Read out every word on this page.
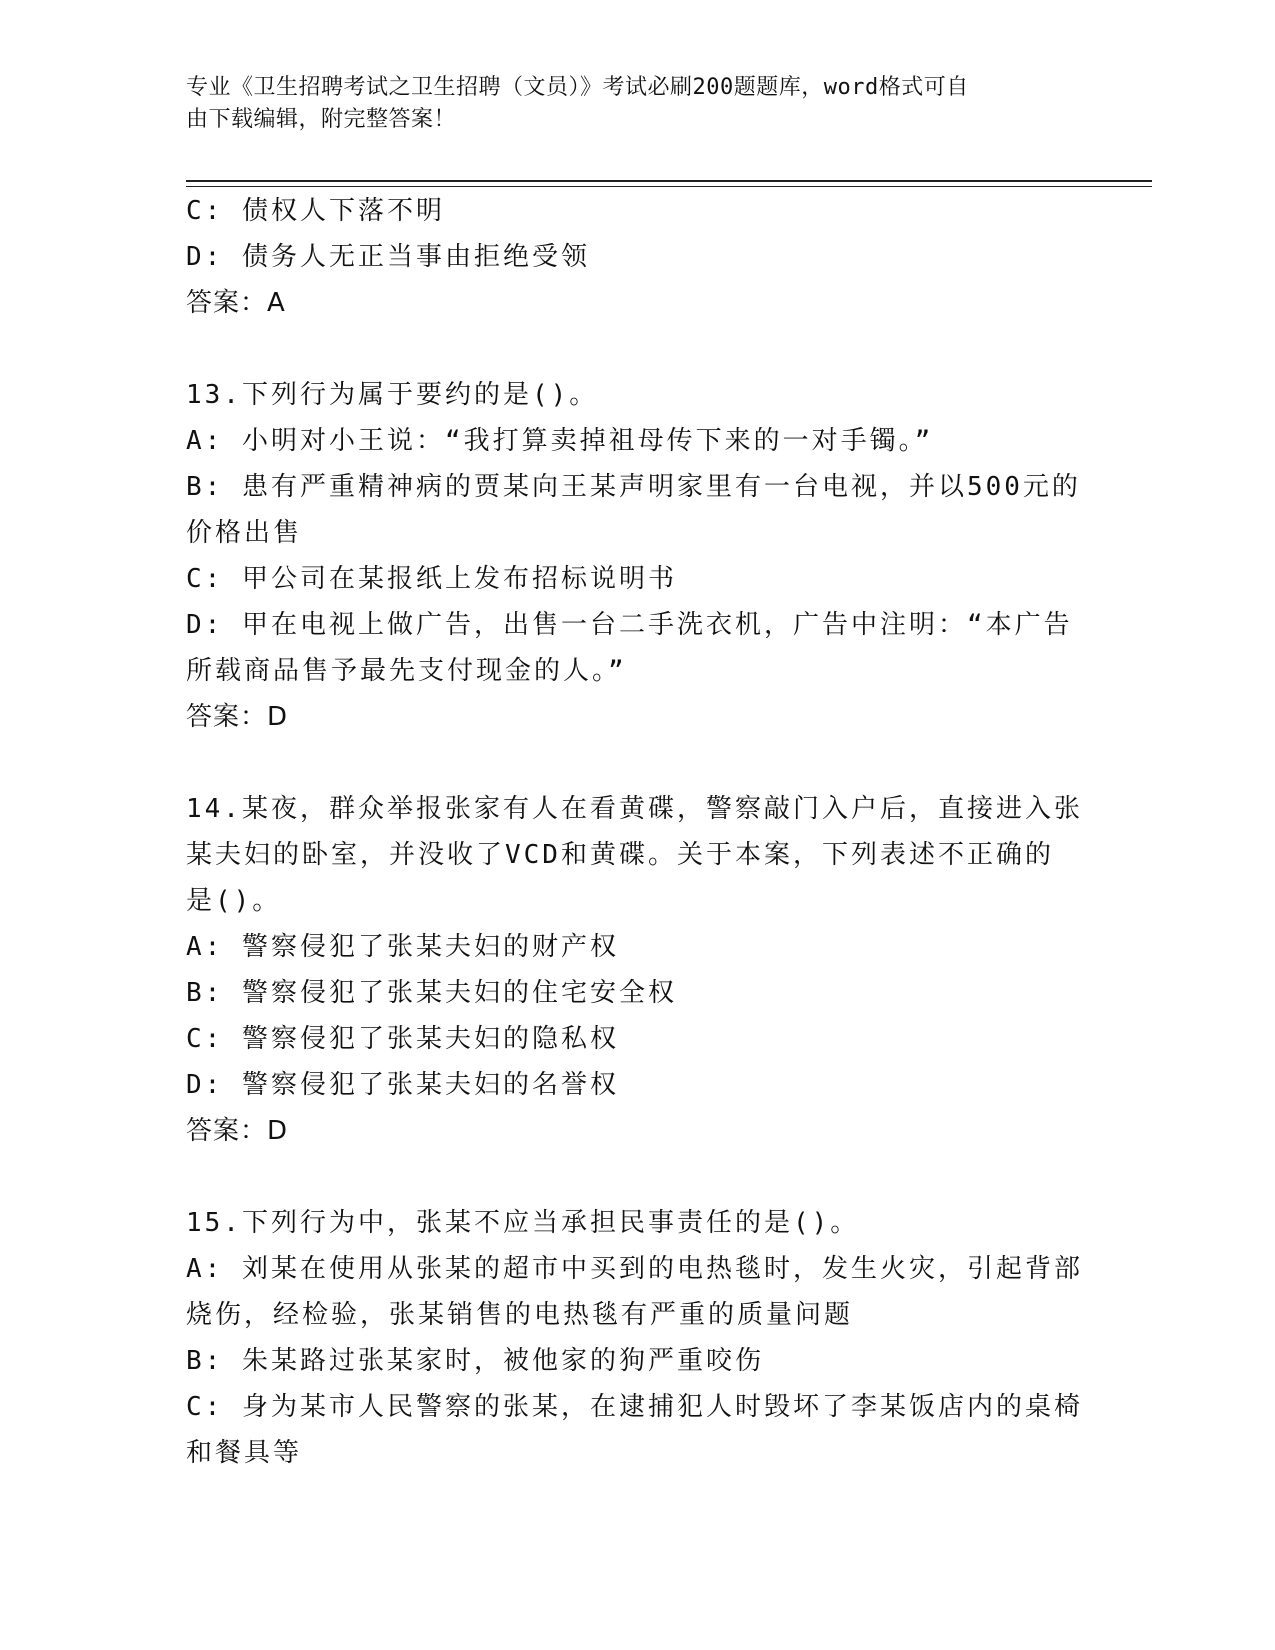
专业《卫生招聘考试之卫生招聘（文员）》考试必刷200题题库，word格式可自
由下载编辑，附完整答案！
C: 债权人下落不明
D: 债务人无正当事由拒绝受领
答案：A
13.下列行为属于要约的是()。
A: 小明对小王说：“我打算卖掉祖母传下来的一对手镯。”
B: 患有严重精神病的贾某向王某声明家里有一台电视，并以500元的
价格出售
C: 甲公司在某报纸上发布招标说明书
D: 甲在电视上做广告，出售一台二手洗衣机，广告中注明：“本广告
所载商品售予最先支付现金的人。”
答案：D
14.某夜，群众举报张家有人在看黄碟，警察敲门入户后，直接进入张
某夫妇的卧室，并没收了VCD和黄碟。关于本案，下列表述不正确的
是()。
A: 警察侵犯了张某夫妇的财产权
B: 警察侵犯了张某夫妇的住宅安全权
C: 警察侵犯了张某夫妇的隐私权
D: 警察侵犯了张某夫妇的名誉权
答案：D
15.下列行为中，张某不应当承担民事责任的是()。
A: 刘某在使用从张某的超市中买到的电热毯时，发生火灾，引起背部
烧伤，经检验，张某销售的电热毯有严重的质量问题
B: 朱某路过张某家时，被他家的狗严重咬伤
C: 身为某市人民警察的张某，在逮捕犯人时毁坏了李某饭店内的桌椅
和餐具等
